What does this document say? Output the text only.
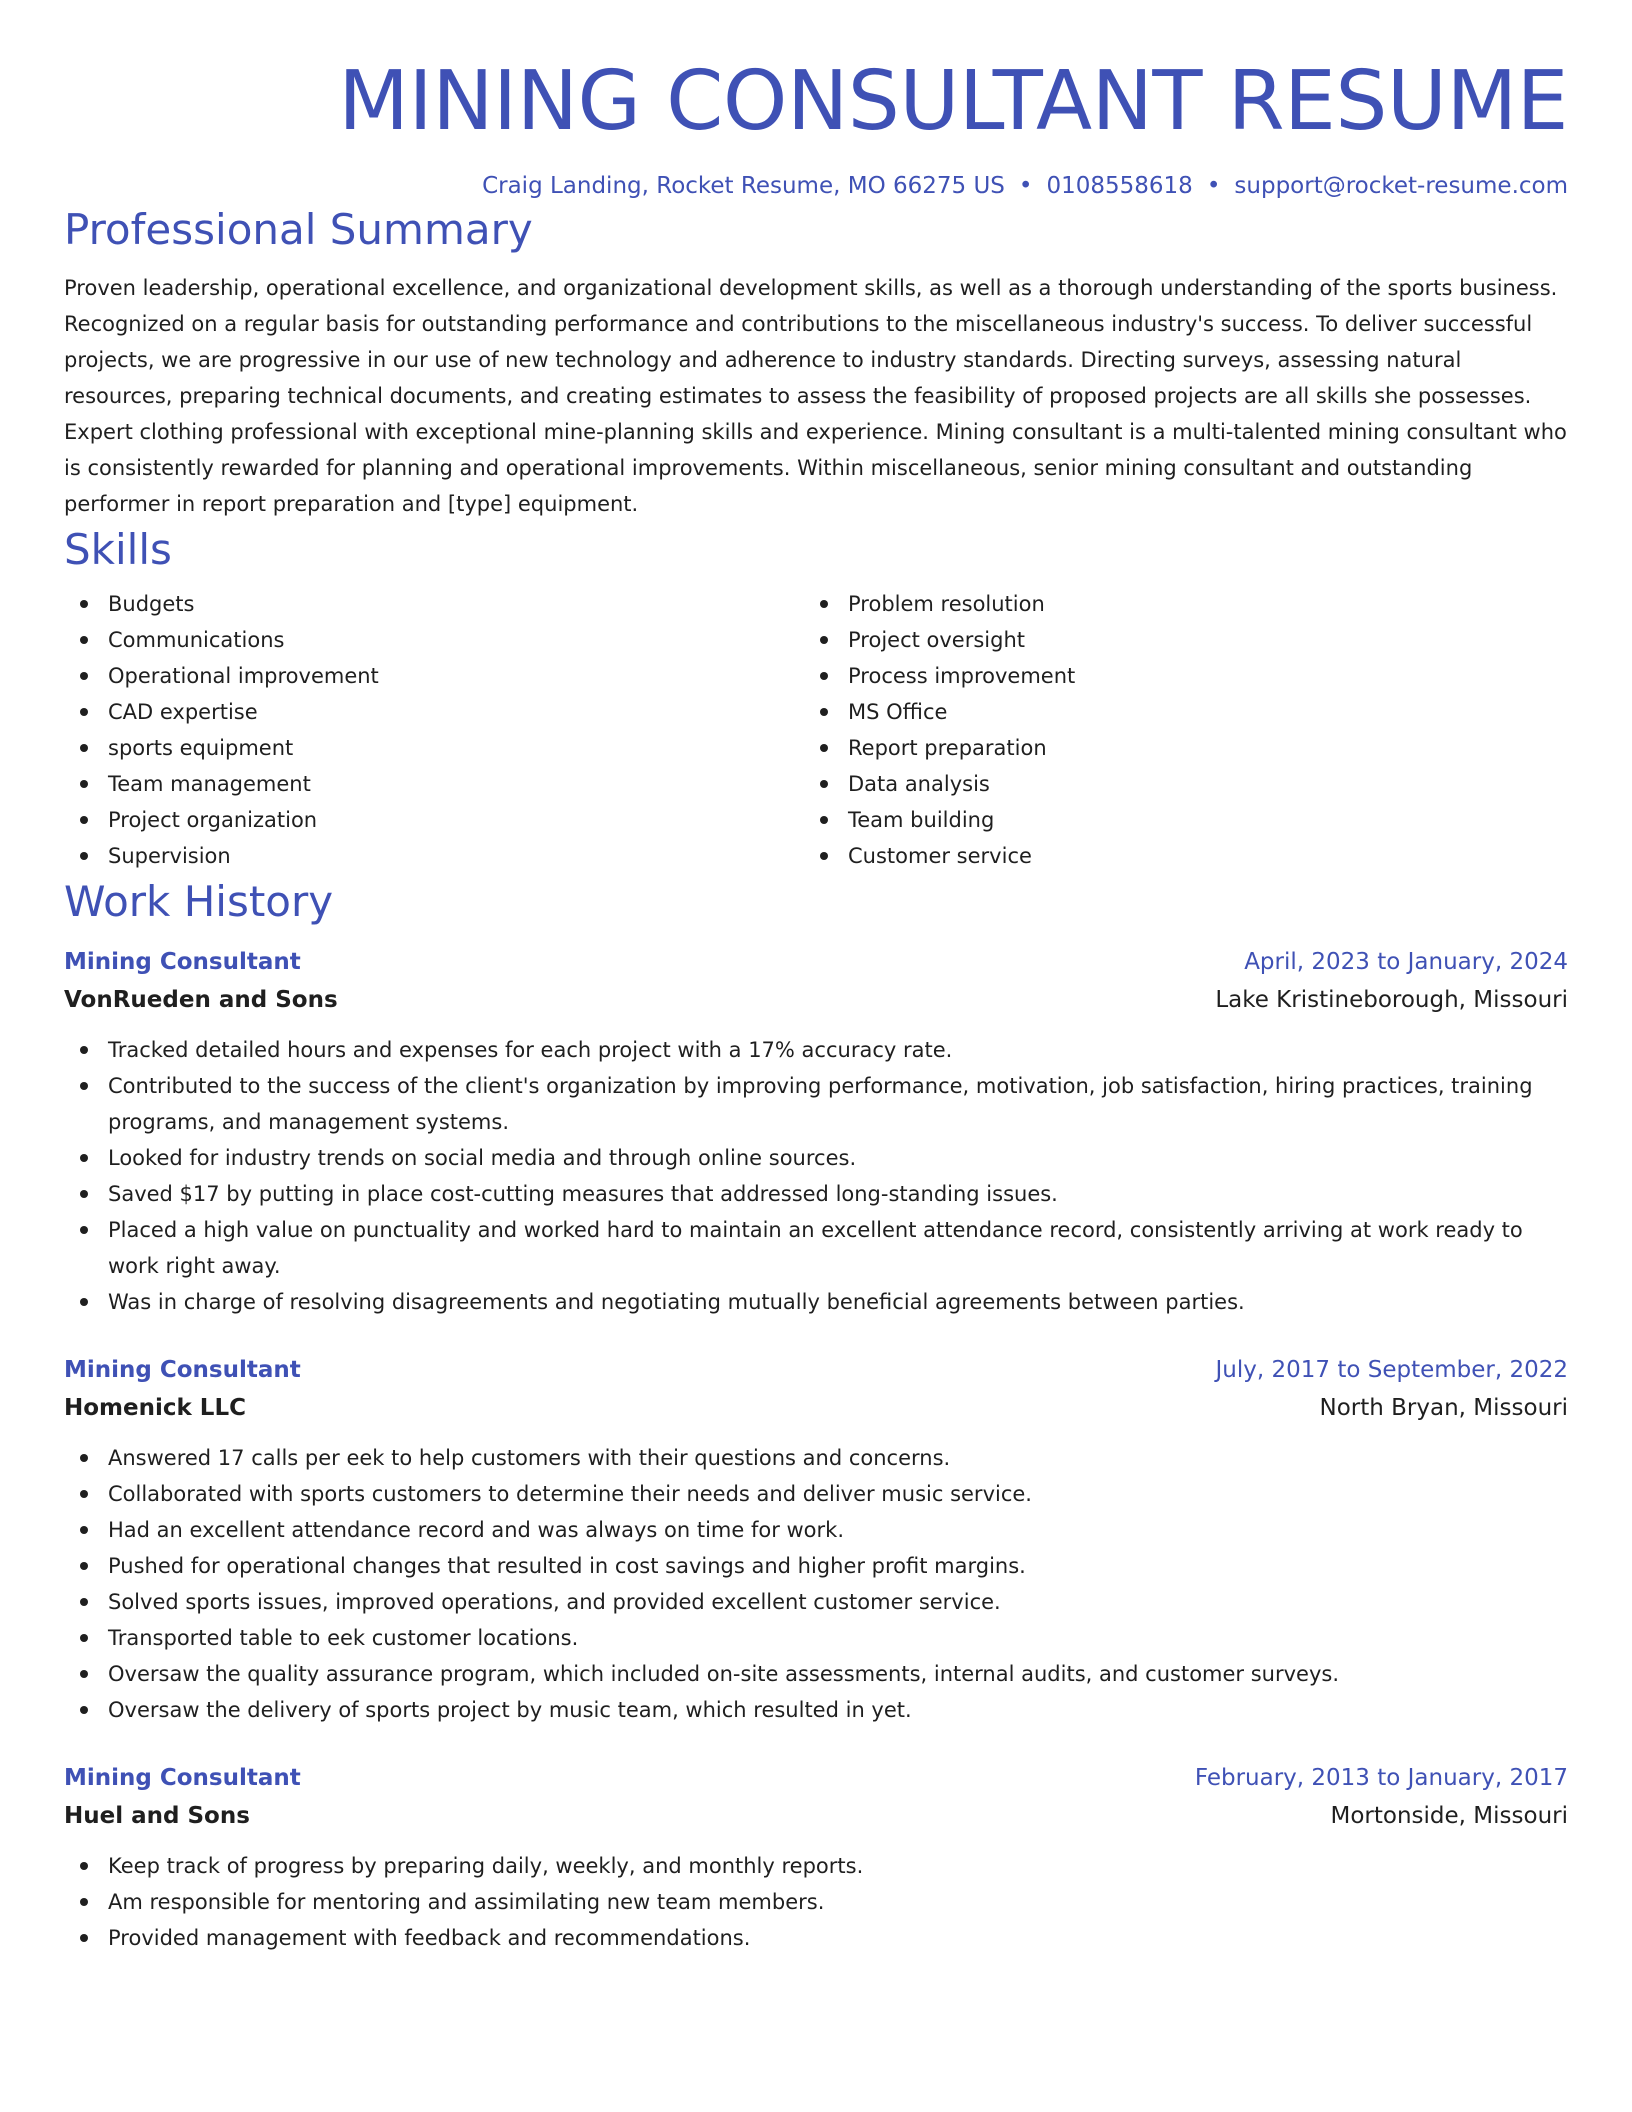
MINING CONSULTANT RESUME
Craig Landing, Rocket Resume, MO 66275 US • 0108558618 • support@rocket-resume.com
Professional Summary
Proven leadership, operational excellence, and organizational development skills, as well as a thorough understanding of the sports business. Recognized on a regular basis for outstanding performance and contributions to the miscellaneous industry's success. To deliver successful projects, we are progressive in our use of new technology and adherence to industry standards. Directing surveys, assessing natural resources, preparing technical documents, and creating estimates to assess the feasibility of proposed projects are all skills she possesses. Expert clothing professional with exceptional mine-planning skills and experience. Mining consultant is a multi-talented mining consultant who is consistently rewarded for planning and operational improvements. Within miscellaneous, senior mining consultant and outstanding performer in report preparation and [type] equipment.
Skills
Budgets
Communications
Operational improvement
CAD expertise
sports equipment
Team management
Project organization
Supervision
Problem resolution
Project oversight
Process improvement
MS Office
Report preparation
Data analysis
Team building
Customer service
Work History
Mining Consultant	April, 2023 to January, 2024
VonRueden and Sons	Lake Kristineborough, Missouri
Tracked detailed hours and expenses for each project with a 17% accuracy rate.
Contributed to the success of the client's organization by improving performance, motivation, job satisfaction, hiring practices, training programs, and management systems.
Looked for industry trends on social media and through online sources.
Saved $17 by putting in place cost-cutting measures that addressed long-standing issues.
Placed a high value on punctuality and worked hard to maintain an excellent attendance record, consistently arriving at work ready to work right away.
Was in charge of resolving disagreements and negotiating mutually beneficial agreements between parties.
Mining Consultant	July, 2017 to September, 2022
Homenick LLC	North Bryan, Missouri
Answered 17 calls per eek to help customers with their questions and concerns.
Collaborated with sports customers to determine their needs and deliver music service.
Had an excellent attendance record and was always on time for work.
Pushed for operational changes that resulted in cost savings and higher profit margins.
Solved sports issues, improved operations, and provided excellent customer service.
Transported table to eek customer locations.
Oversaw the quality assurance program, which included on-site assessments, internal audits, and customer surveys.
Oversaw the delivery of sports project by music team, which resulted in yet.
Mining Consultant	February, 2013 to January, 2017
Huel and Sons	Mortonside, Missouri
Keep track of progress by preparing daily, weekly, and monthly reports.
Am responsible for mentoring and assimilating new team members.
Provided management with feedback and recommendations.
